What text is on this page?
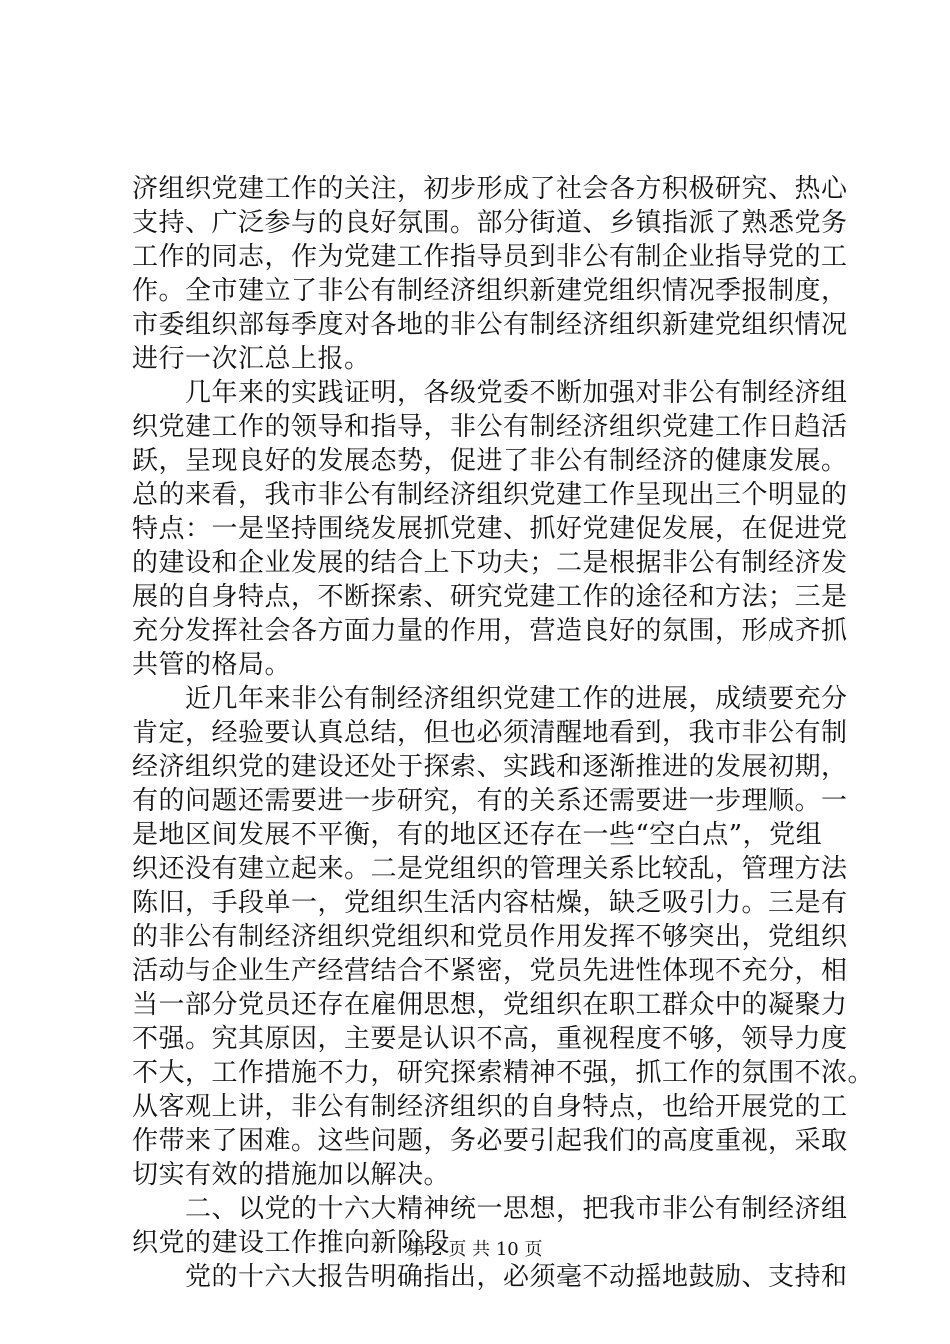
济组织党建工作的关注，初步形成了社会各方积极研究、热心
支持、广泛参与的良好氛围。部分街道、乡镇指派了熟悉党务
工作的同志，作为党建工作指导员到非公有制企业指导党的工
作。全市建立了非公有制经济组织新建党组织情况季报制度，
市委组织部每季度对各地的非公有制经济组织新建党组织情况
进行一次汇总上报。
　　几年来的实践证明，各级党委不断加强对非公有制经济组
织党建工作的领导和指导，非公有制经济组织党建工作日趋活
跃，呈现良好的发展态势，促进了非公有制经济的健康发展。
总的来看，我市非公有制经济组织党建工作呈现出三个明显的
特点：一是坚持围绕发展抓党建、抓好党建促发展，在促进党
的建设和企业发展的结合上下功夫；二是根据非公有制经济发
展的自身特点，不断探索、研究党建工作的途径和方法；三是
充分发挥社会各方面力量的作用，营造良好的氛围，形成齐抓
共管的格局。
　　近几年来非公有制经济组织党建工作的进展，成绩要充分
肯定，经验要认真总结，但也必须清醒地看到，我市非公有制
经济组织党的建设还处于探索、实践和逐渐推进的发展初期，
有的问题还需要进一步研究，有的关系还需要进一步理顺。一
是地区间发展不平衡，有的地区还存在一些“空白点”，党组
织还没有建立起来。二是党组织的管理关系比较乱，管理方法
陈旧，手段单一，党组织生活内容枯燥，缺乏吸引力。三是有
的非公有制经济组织党组织和党员作用发挥不够突出，党组织
活动与企业生产经营结合不紧密，党员先进性体现不充分，相
当一部分党员还存在雇佣思想，党组织在职工群众中的凝聚力
不强。究其原因，主要是认识不高，重视程度不够，领导力度
不大，工作措施不力，研究探索精神不强，抓工作的氛围不浓。
从客观上讲，非公有制经济组织的自身特点，也给开展党的工
作带来了困难。这些问题，务必要引起我们的高度重视，采取
切实有效的措施加以解决。
　　二、以党的十六大精神统一思想，把我市非公有制经济组
织党的建设工作推向新阶段
　　党的十六大报告明确指出，必须毫不动摇地鼓励、支持和
第 2 页 共 10 页
